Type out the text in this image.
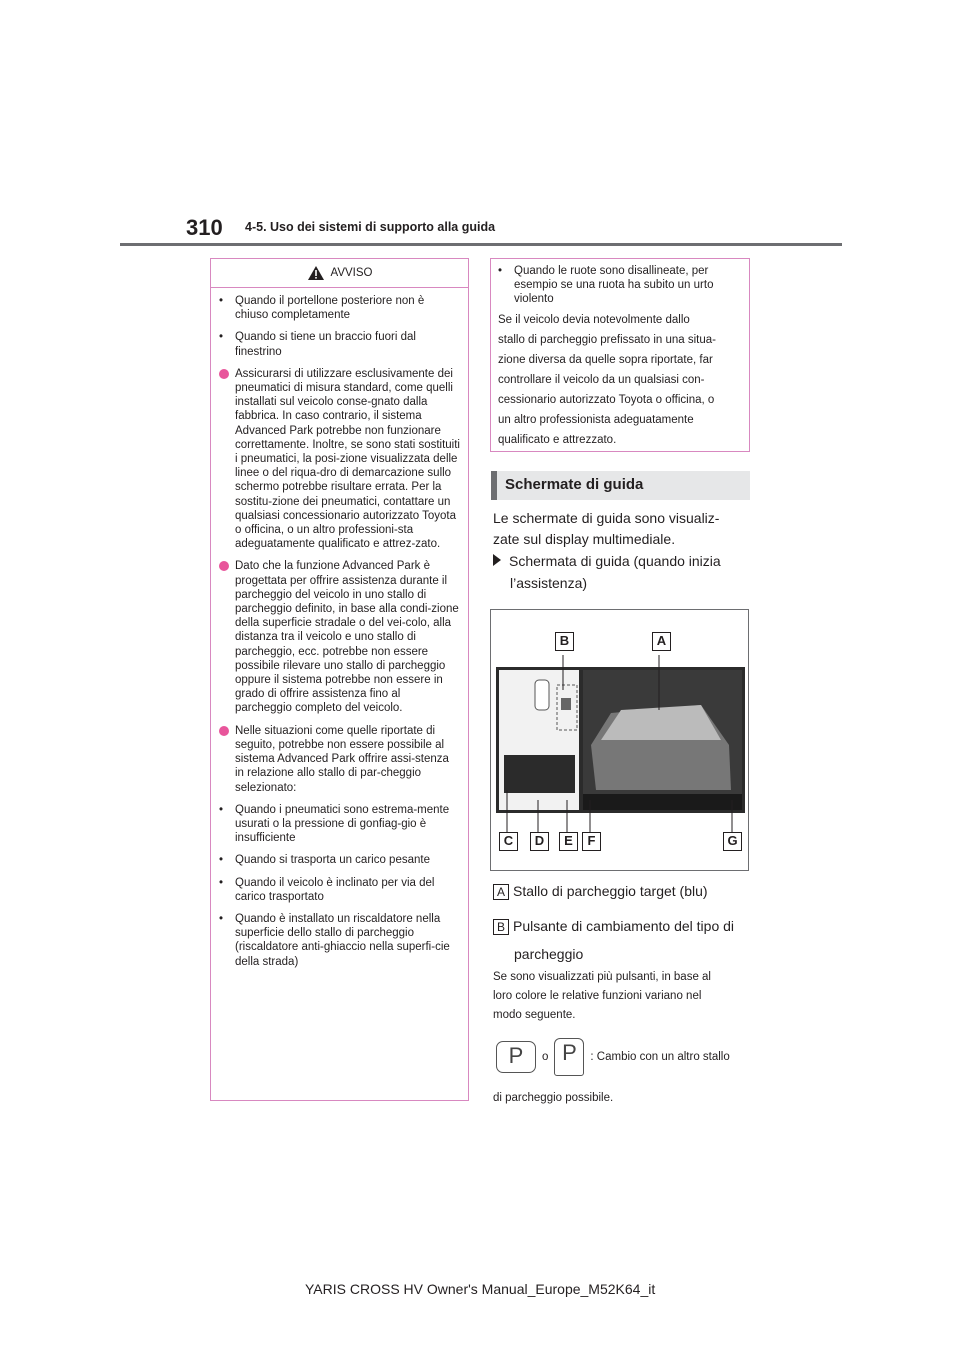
310 4-5. Uso dei sistemi di supporto alla guida
AVVISO

•	Quando il portellone posteriore non è chiuso completamente

•	Quando si tiene un braccio fuori dal finestrino

Assicurarsi di utilizzare esclusivamente dei pneumatici di misura standard, come quelli installati sul veicolo conse-gnato dalla fabbrica. In caso contrario, il sistema Advanced Park potrebbe non funzionare correttamente. Inoltre, se sono stati sostituiti i pneumatici, la posi-zione visualizzata delle linee o del riqua-dro di demarcazione sullo schermo potrebbe risultare errata. Per la sostitu-zione dei pneumatici, contattare un qualsiasi concessionario autorizzato Toyota o officina, o un altro professioni-sta adeguatamente qualificato e attrez-zato.

Dato che la funzione Advanced Park è progettata per offrire assistenza durante il parcheggio del veicolo in uno stallo di parcheggio definito, in base alla condi-zione della superficie stradale o del vei-colo, alla distanza tra il veicolo e uno stallo di parcheggio, ecc. potrebbe non essere possibile rilevare uno stallo di parcheggio oppure il sistema potrebbe non essere in grado di offrire assistenza fino al parcheggio completo del veicolo.

Nelle situazioni come quelle riportate di seguito, potrebbe non essere possibile al sistema Advanced Park offrire assi-stenza in relazione allo stallo di par-cheggio selezionato:

•	Quando i pneumatici sono estrema-mente usurati o la pressione di gonfiag-gio è insufficiente

•	Quando si trasporta un carico pesante

•	Quando il veicolo è inclinato per via del carico trasportato

•	Quando è installato un riscaldatore nella superficie dello stallo di parcheggio (riscaldatore anti-ghiaccio nella superfi-cie della strada)

•	Quando le ruote sono disallineate, per esempio se una ruota ha subito un urto violento
Se il veicolo devia notevolmente dallo
stallo di parcheggio prefissato in una situa-
zione diversa da quelle sopra riportate, far
controllare il veicolo da un qualsiasi con-
cessionario autorizzato Toyota o officina, o
un altro professionista adeguatamente
qualificato e attrezzato.
Schermate di guida
Le schermate di guida sono visualiz-
zate sul display multimediale.
Schermata di guida (quando inizia
l’assistenza)
B	A
C	D	E	F	G
A Stallo di parcheggio target (blu)
B Pulsante di cambiamento del tipo di
parcheggio
Se sono visualizzati più pulsanti, in base al
loro colore le relative funzioni variano nel
modo seguente.
P	o P	: Cambio con un altro stallo
di parcheggio possibile.
YARIS CROSS HV Owner's Manual_Europe_M52K64_it
